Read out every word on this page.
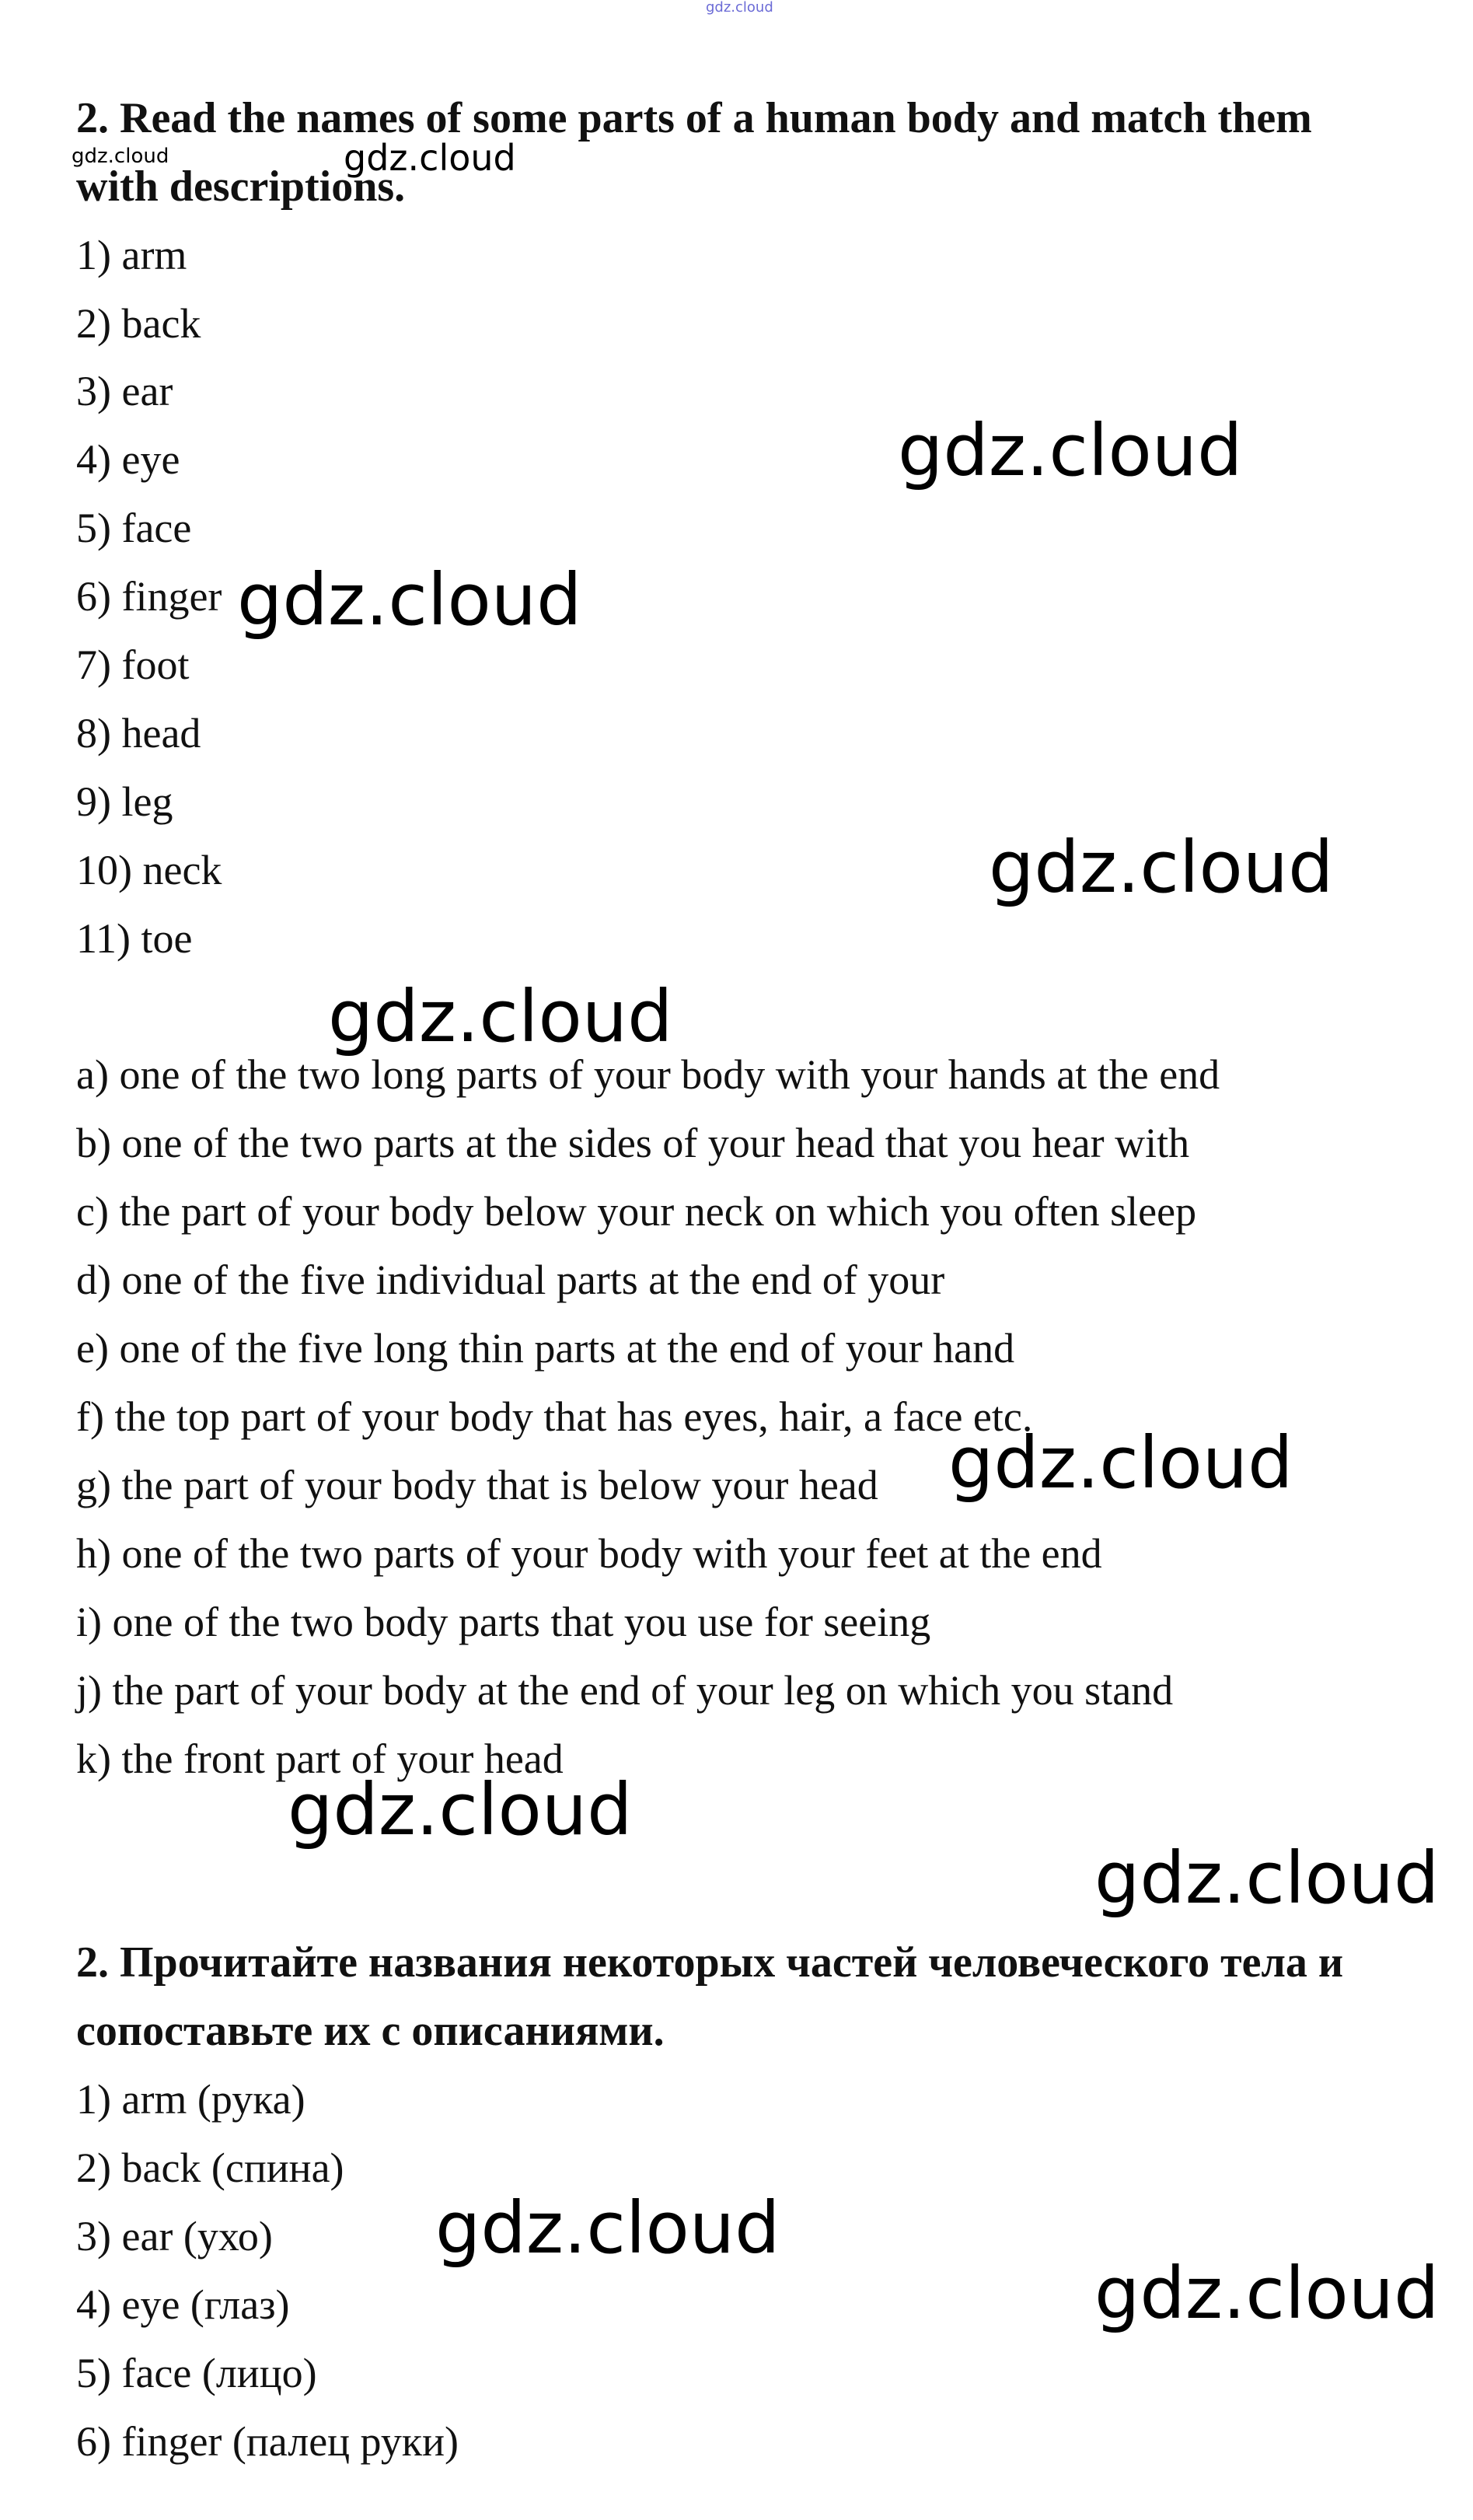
gdz.cloud
2. Read the names of some parts of a human body and match them
with descriptions.
1) arm
2) back
3) ear
4) eye
5) face
6) finger
7) foot
8) head
9) leg
10) neck
11) toe
a) one of the two long parts of your body with your hands at the end
b) one of the two parts at the sides of your head that you hear with
c) the part of your body below your neck on which you often sleep
d) one of the five individual parts at the end of your
e) one of the five long thin parts at the end of your hand
f) the top part of your body that has eyes, hair, a face etc.
g) the part of your body that is below your head
h) one of the two parts of your body with your feet at the end
i) one of the two body parts that you use for seeing
j) the part of your body at the end of your leg on which you stand
k) the front part of your head
2. Прочитайте названия некоторых частей человеческого тела и
сопоставьте их с описаниями.
1) arm (рука)
2) back (спина)
3) ear (ухо)
4) eye (глаз)
5) face (лицо)
6) finger (палец руки)
gdz.cloud	gdz.cloud
gdz.cloud
gdz.cloud
gdz.cloud
gdz.cloud
gdz.cloud
gdz.cloud
gdz.cloud
gdz.cloud
gdz.cloud
